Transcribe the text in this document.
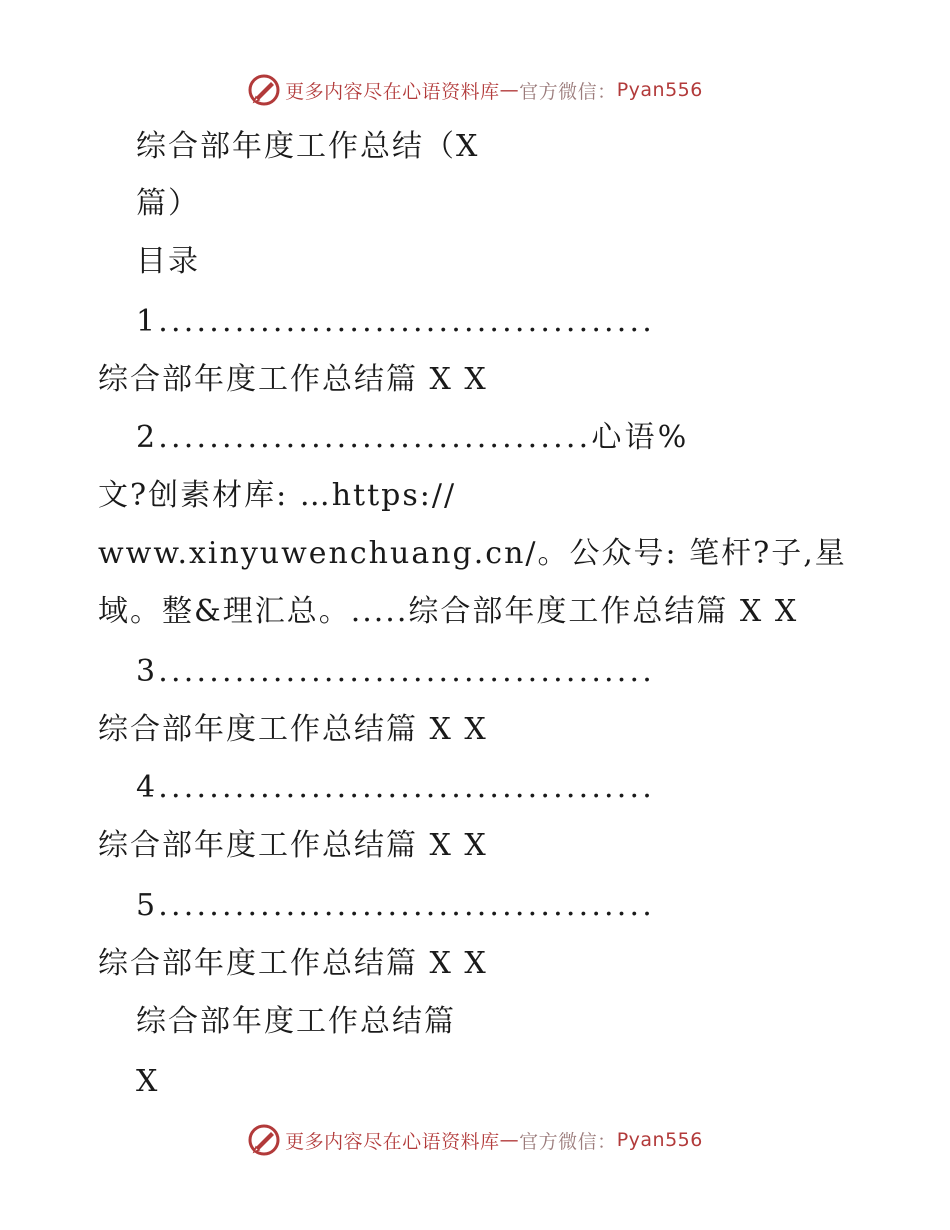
更多内容尽在心语资料库 — 官方微信： Pyan556
综合部年度工作总结（X
篇）
目录
1.......................................
综合部年度工作总结篇 X X
2..................................心语%
文?创素材库: …https://
www.xinyuwenchuang.cn/。公众号: 笔杆?子,星
域。整&理汇总。.....综合部年度工作总结篇 X X
3.......................................
综合部年度工作总结篇 X X
4.......................................
综合部年度工作总结篇 X X
5.......................................
综合部年度工作总结篇 X X
综合部年度工作总结篇
X
更多内容尽在心语资料库 — 官方微信： Pyan556
